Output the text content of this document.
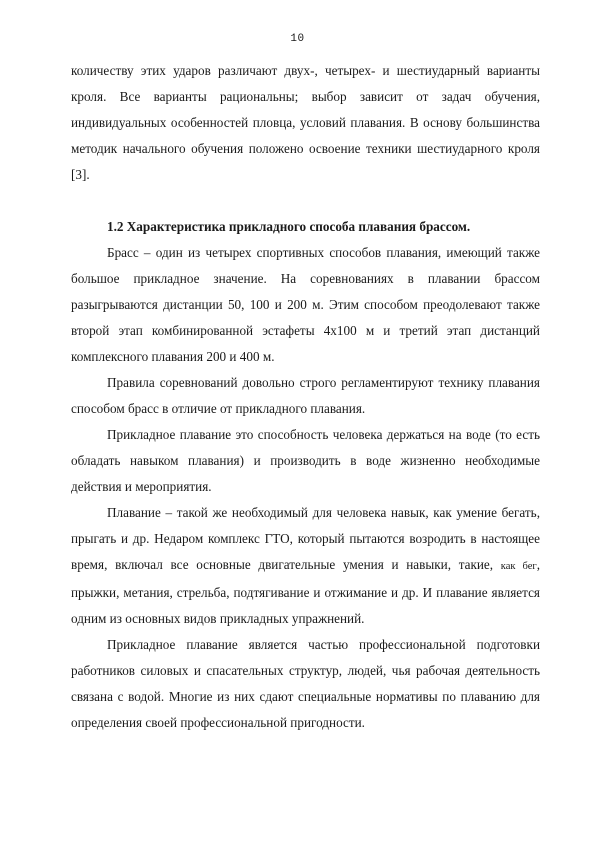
10

количеству этих ударов различают двух-, четырех- и шестиударный варианты кроля. Все варианты рациональны; выбор зависит от задач обучения, индивидуальных особенностей пловца, условий плавания. В основу большинства методик начального обучения положено освоение техники шестиударного кроля [3].

1.2 Характеристика прикладного способа плавания брассом.

Брасс – один из четырех спортивных способов плавания, имеющий также большое прикладное значение. На соревнованиях в плавании брассом разыгрываются дистанции 50, 100 и 200 м. Этим способом преодолевают также второй этап комбинированной эстафеты 4х100 м и третий этап дистанций комплексного плавания 200 и 400 м.

Правила соревнований довольно строго регламентируют технику плавания способом брасс в отличие от прикладного плавания.

Прикладное плавание это способность человека держаться на воде (то есть обладать навыком плавания) и производить в воде жизненно необходимые действия и мероприятия.

Плавание – такой же необходимый для человека навык, как умение бегать, прыгать и др. Недаром комплекс ГТО, который пытаются возродить в настоящее время, включал все основные двигательные умения и навыки, такие, как бег, прыжки, метания, стрельба, подтягивание и отжимание и др. И плавание является одним из основных видов прикладных упражнений.

Прикладное плавание является частью профессиональной подготовки работников силовых и спасательных структур, людей, чья рабочая деятельность связана с водой. Многие из них сдают специальные нормативы по плаванию для определения своей профессиональной пригодности.
